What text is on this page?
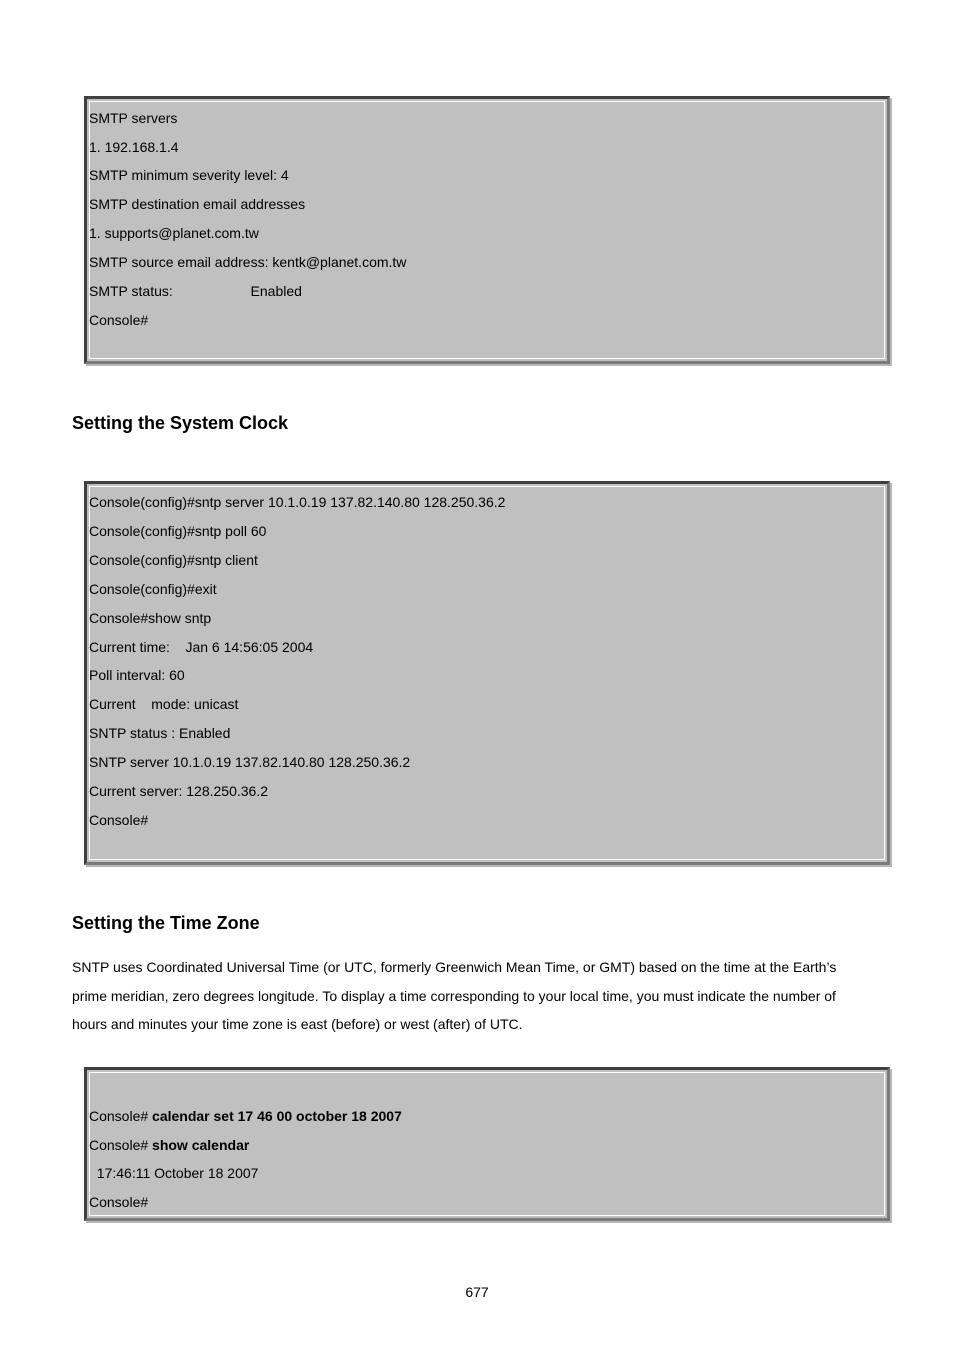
SMTP servers
1. 192.168.1.4
SMTP minimum severity level: 4
SMTP destination email addresses
1. supports@planet.com.tw
SMTP source email address: kentk@planet.com.tw
SMTP status:                    Enabled
Console#
Setting the System Clock
Console(config)#sntp server 10.1.0.19 137.82.140.80 128.250.36.2
Console(config)#sntp poll 60
Console(config)#sntp client
Console(config)#exit
Console#show sntp
Current time:    Jan 6 14:56:05 2004
Poll interval: 60
Current    mode: unicast
SNTP status : Enabled
SNTP server 10.1.0.19 137.82.140.80 128.250.36.2
Current server: 128.250.36.2
Console#
Setting the Time Zone
SNTP uses Coordinated Universal Time (or UTC, formerly Greenwich Mean Time, or GMT) based on the time at the Earth’s prime meridian, zero degrees longitude. To display a time corresponding to your local time, you must indicate the number of hours and minutes your time zone is east (before) or west (after) of UTC.
Console# calendar set 17 46 00 october 18 2007
Console# show calendar
17:46:11 October 18 2007
Console#
677
